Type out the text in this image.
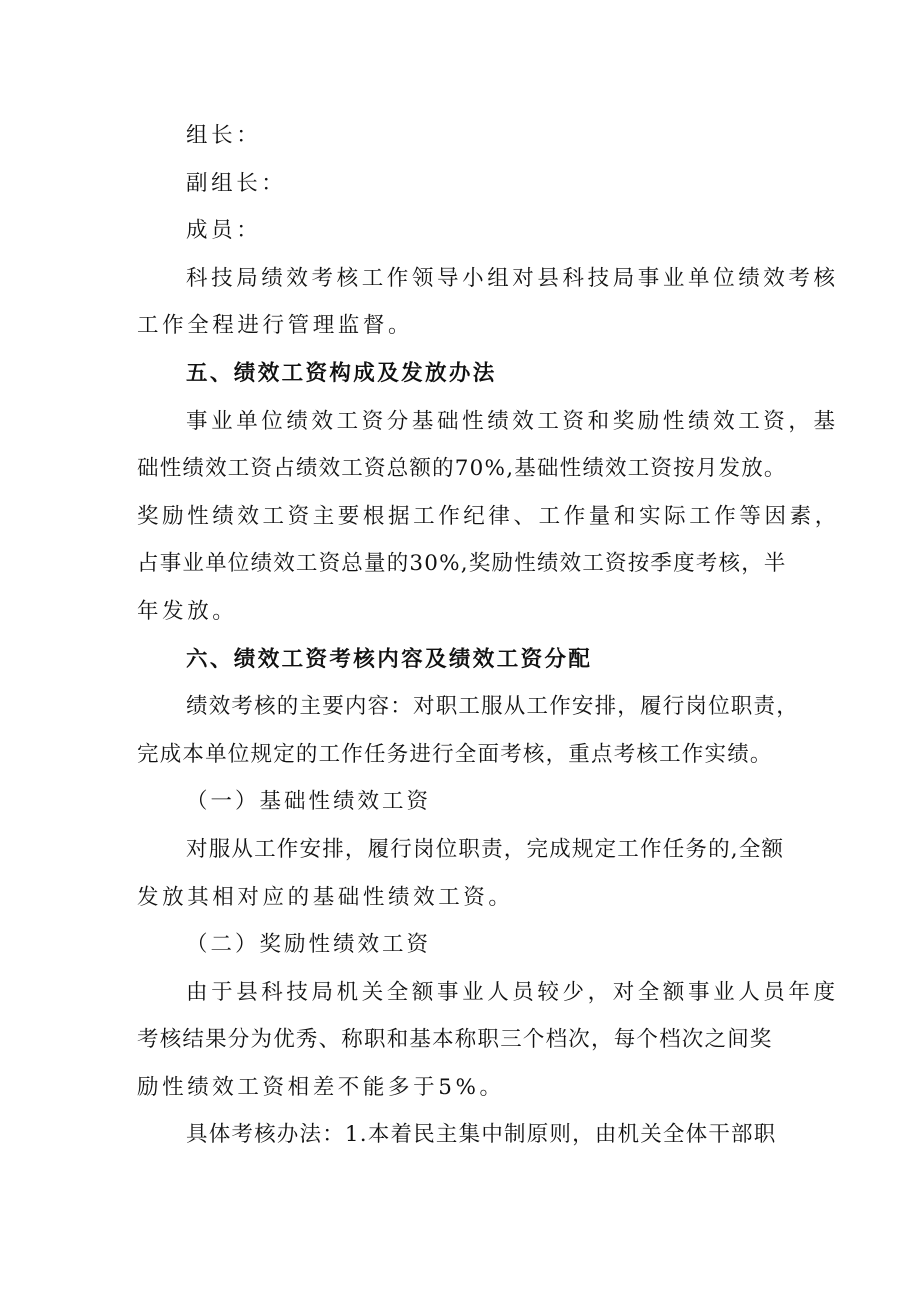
组长：
副组长：
成员：
科技局绩效考核工作领导小组对县科技局事业单位绩效考核
工作全程进行管理监督。
五、绩效工资构成及发放办法
事业单位绩效工资分基础性绩效工资和奖励性绩效工资，基
础性绩效工资占绩效工资总额的70%,基础性绩效工资按月发放。
奖励性绩效工资主要根据工作纪律、工作量和实际工作等因素，
占事业单位绩效工资总量的30%,奖励性绩效工资按季度考核，半
年发放。
六、绩效工资考核内容及绩效工资分配
绩效考核的主要内容：对职工服从工作安排，履行岗位职责，
完成本单位规定的工作任务进行全面考核，重点考核工作实绩。
（一）基础性绩效工资
对服从工作安排，履行岗位职责，完成规定工作任务的,全额
发放其相对应的基础性绩效工资。
（二）奖励性绩效工资
由于县科技局机关全额事业人员较少，对全额事业人员年度
考核结果分为优秀、称职和基本称职三个档次，每个档次之间奖
励性绩效工资相差不能多于5%。
具体考核办法：1.本着民主集中制原则，由机关全体干部职
